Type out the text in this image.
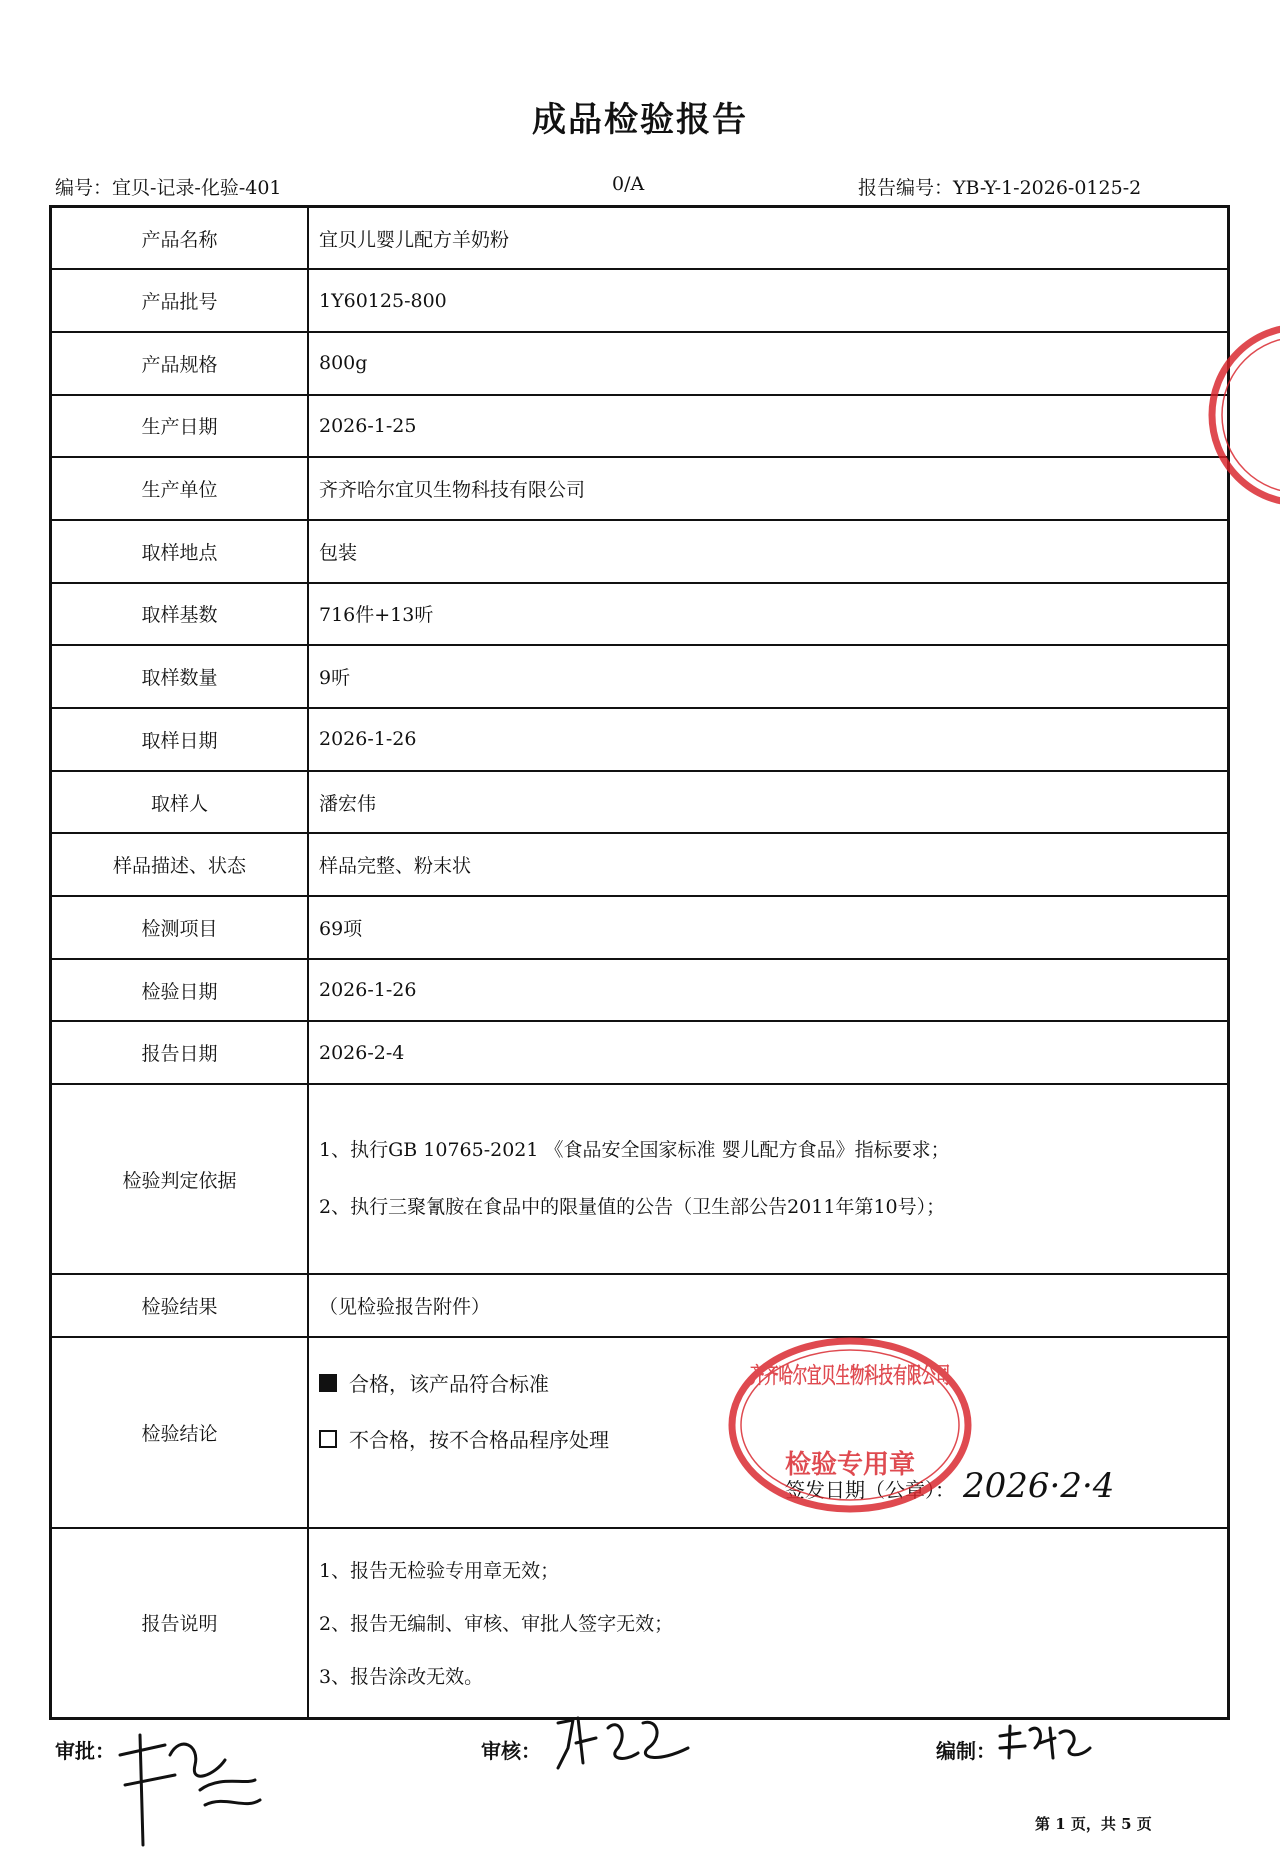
成品检验报告
编号：宜贝-记录-化验-401	0/A	报告编号：YB-Y-1-2026-0125-2
产品名称	宜贝儿婴儿配方羊奶粉
产品批号	1Y60125-800
产品规格	800g
生产日期	2026-1-25
生产单位	齐齐哈尔宜贝生物科技有限公司
取样地点	包装
取样基数	716件+13听
取样数量	9听
取样日期	2026-1-26
取样人	潘宏伟
样品描述、状态	样品完整、粉末状
检测项目	69项
检验日期	2026-1-26
报告日期	2026-2-4
检验判定依据	1、执行GB 10765-2021 《食品安全国家标准 婴儿配方食品》指标要求；
2、执行三聚氰胺在食品中的限量值的公告（卫生部公告2011年第10号）；

检验结果	（见检验报告附件）
检验结论	合格，该产品符合标准
不合格，按不合格品程序处理
签发日期（公章）： 2026·2·4

报告说明	1、报告无检验专用章无效；
2、报告无编制、审核、审批人签字无效；
3、报告涂改无效。
齐齐哈尔宜贝生物科技有限公司
检验专用章
审批：	审核：	编制：
第 1 页，共 5 页
